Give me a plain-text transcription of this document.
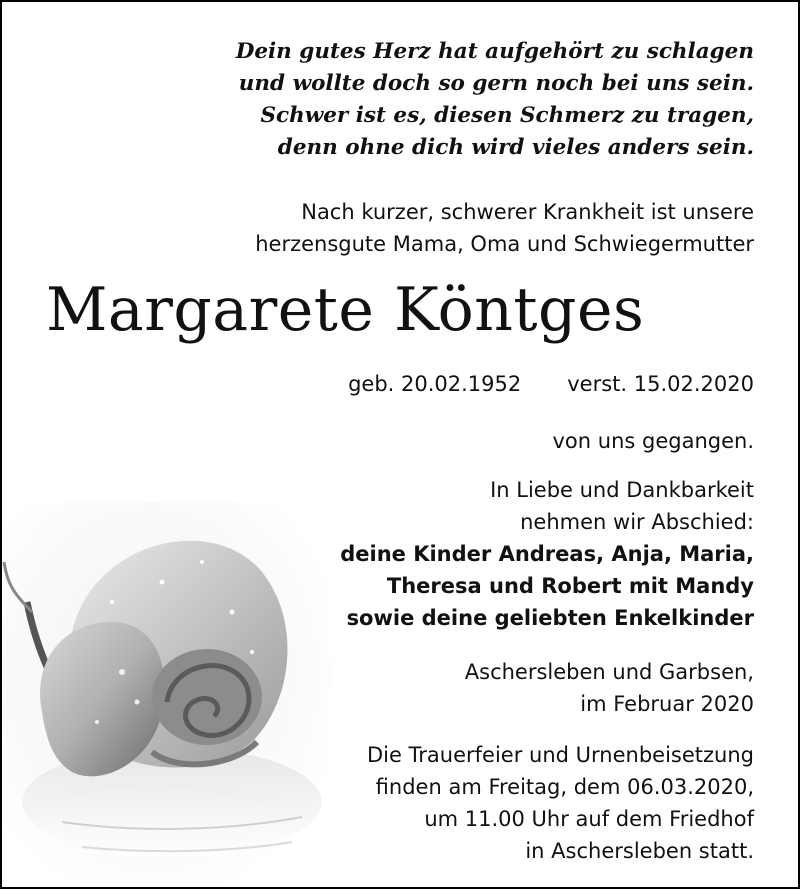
Dein gutes Herz hat aufgehört zu schlagen
und wollte doch so gern noch bei uns sein.
Schwer ist es, diesen Schmerz zu tragen,
denn ohne dich wird vieles anders sein.
Nach kurzer, schwerer Krankheit ist unsere
herzensgute Mama, Oma und Schwiegermutter
Margarete Köntges
geb. 20.02.1952 verst. 15.02.2020
von uns gegangen.
In Liebe und Dankbarkeit
nehmen wir Abschied:
deine Kinder Andreas, Anja, Maria,
Theresa und Robert mit Mandy
sowie deine geliebten Enkelkinder
Aschersleben und Garbsen,
im Februar 2020
Die Trauerfeier und Urnenbeisetzung
finden am Freitag, dem 06.03.2020,
um 11.00 Uhr auf dem Friedhof
in Aschersleben statt.
